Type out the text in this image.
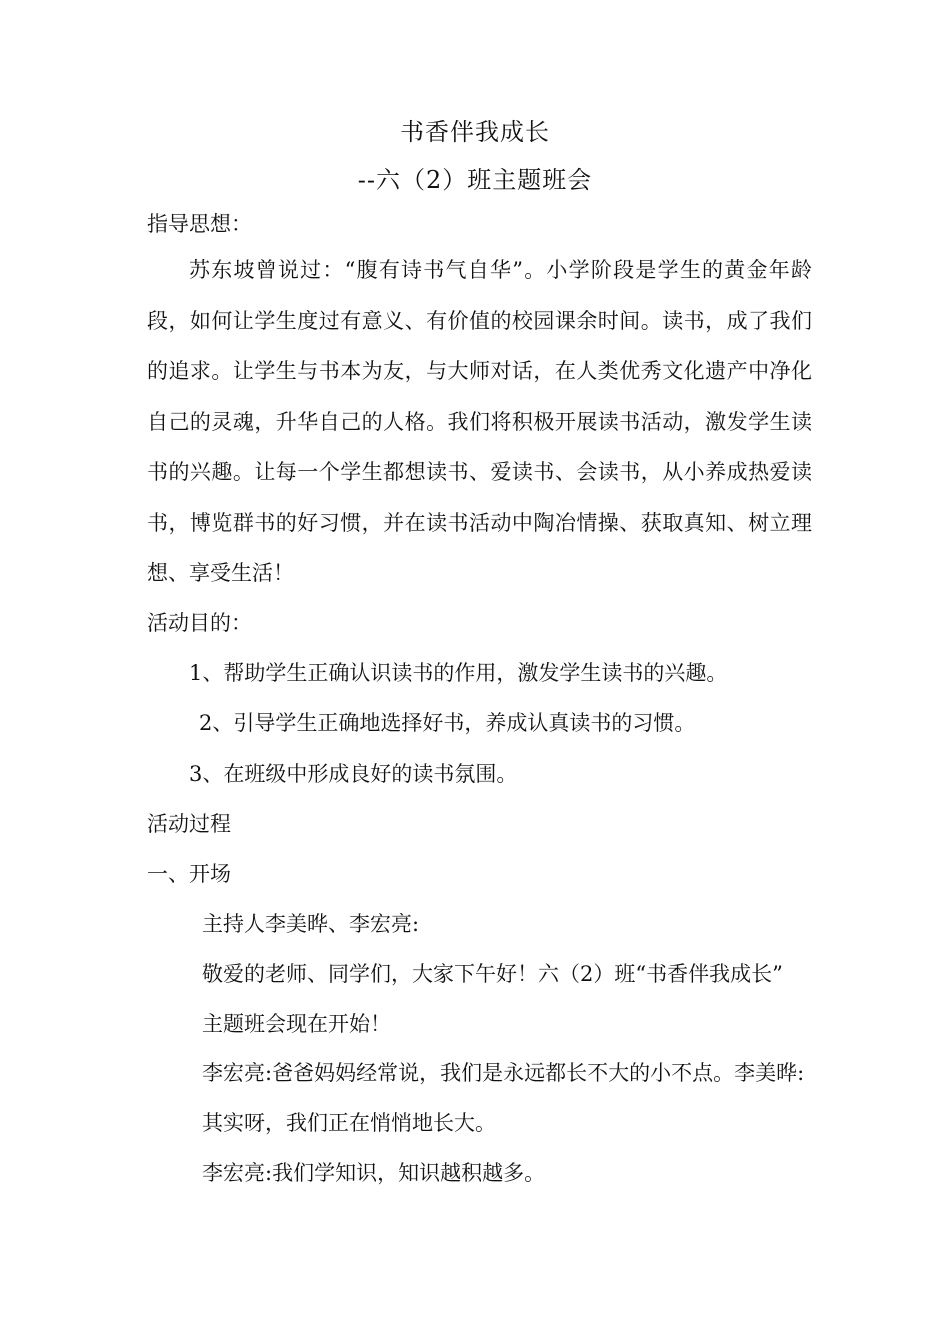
书香伴我成长
--六（2）班主题班会
指导思想：

苏东坡曾说过：“腹有诗书气自华”。小学阶段是学生的黄金年龄段，如何让学生度过有意义、有价值的校园课余时间。读书，成了我们的追求。让学生与书本为友，与大师对话，在人类优秀文化遗产中净化自己的灵魂，升华自己的人格。我们将积极开展读书活动，激发学生读书的兴趣。让每一个学生都想读书、爱读书、会读书，从小养成热爱读书，博览群书的好习惯，并在读书活动中陶冶情操、获取真知、树立理想、享受生活！

活动目的：
1、帮助学生正确认识读书的作用，激发学生读书的兴趣。
2、引导学生正确地选择好书，养成认真读书的习惯。
3、在班级中形成良好的读书氛围。
活动过程
一、开场
主持人李美晔、李宏亮:
敬爱的老师、同学们，大家下午好！六（2）班“书香伴我成长”
主题班会现在开始！
李宏亮:爸爸妈妈经常说，我们是永远都长不大的小不点。李美晔:
其实呀，我们正在悄悄地长大。
李宏亮:我们学知识，知识越积越多。
